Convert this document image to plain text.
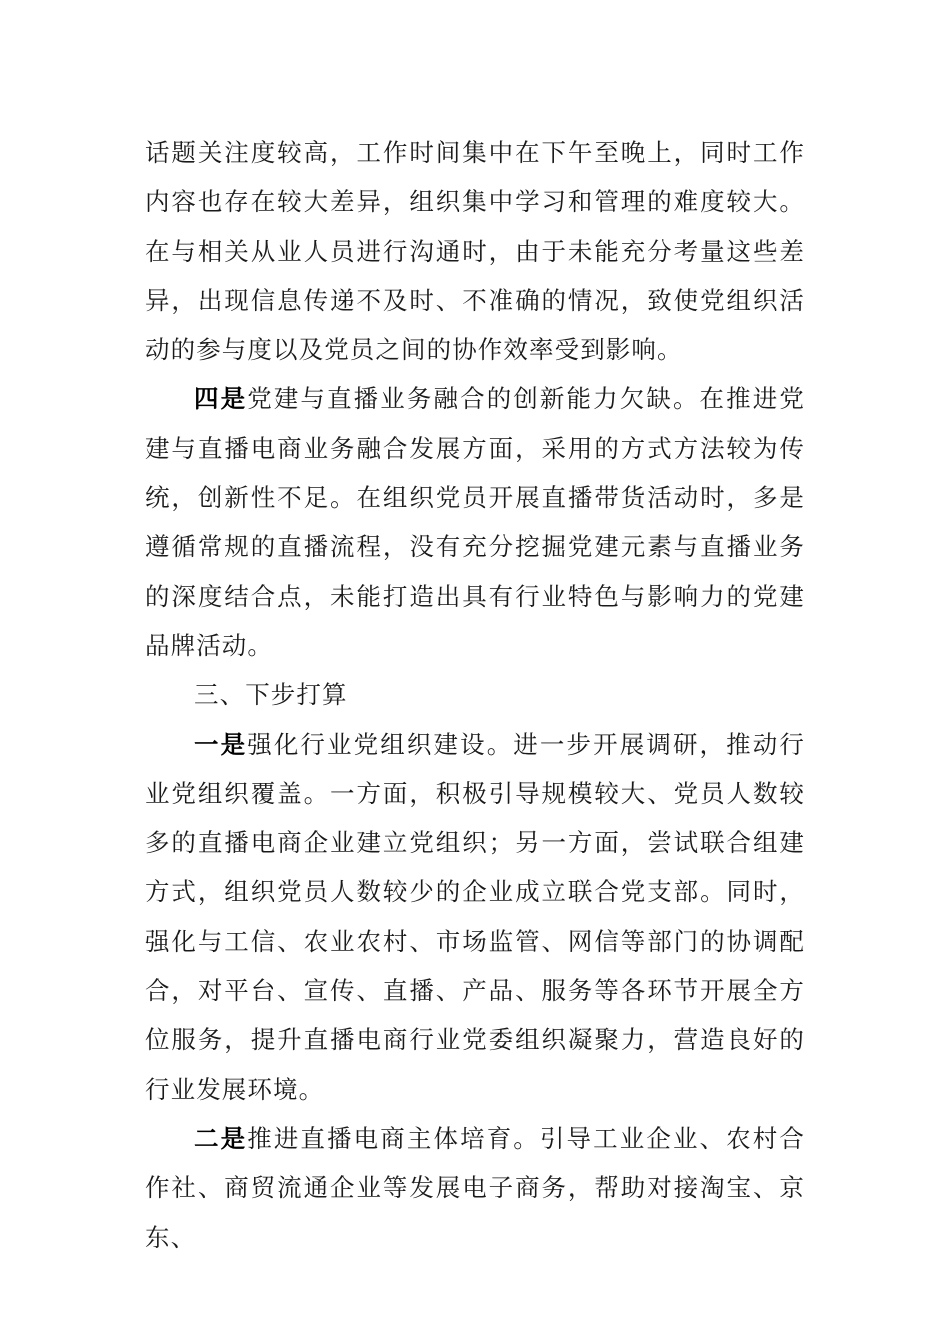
话题关注度较高，工作时间集中在下午至晚上，同时工作内容也存在较大差异，组织集中学习和管理的难度较大。在与相关从业人员进行沟通时，由于未能充分考量这些差异，出现信息传递不及时、不准确的情况，致使党组织活动的参与度以及党员之间的协作效率受到影响。

四是党建与直播业务融合的创新能力欠缺。在推进党建与直播电商业务融合发展方面，采用的方式方法较为传统，创新性不足。在组织党员开展直播带货活动时，多是遵循常规的直播流程，没有充分挖掘党建元素与直播业务的深度结合点，未能打造出具有行业特色与影响力的党建品牌活动。

三、下步打算

一是强化行业党组织建设。进一步开展调研，推动行业党组织覆盖。一方面，积极引导规模较大、党员人数较多的直播电商企业建立党组织；另一方面，尝试联合组建方式，组织党员人数较少的企业成立联合党支部。同时，强化与工信、农业农村、市场监管、网信等部门的协调配合，对平台、宣传、直播、产品、服务等各环节开展全方位服务，提升直播电商行业党委组织凝聚力，营造良好的行业发展环境。

二是推进直播电商主体培育。引导工业企业、农村合作社、商贸流通企业等发展电子商务，帮助对接淘宝、京东、
